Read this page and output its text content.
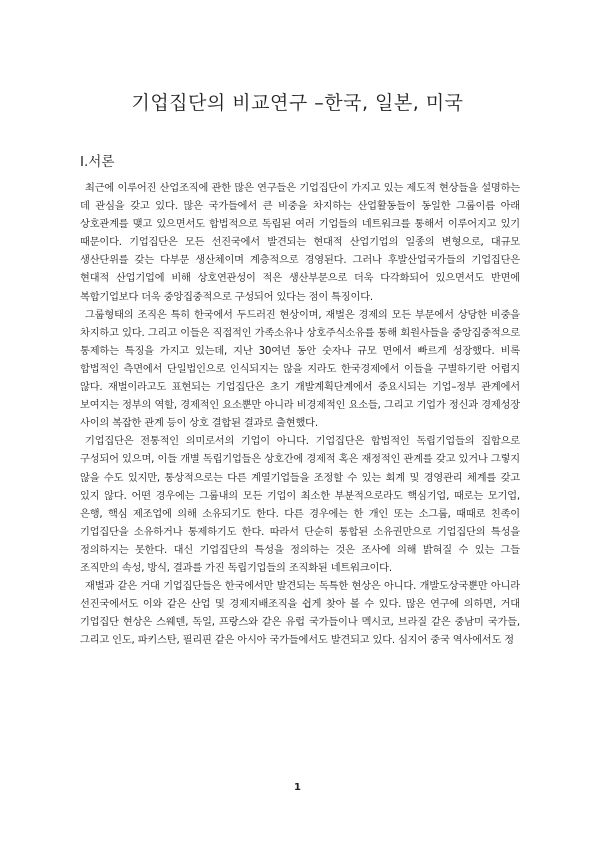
기업집단의 비교연구 –한국, 일본, 미국
Ⅰ.서론

최근에 이루어진 산업조직에 관한 많은 연구들은 기업집단이 가지고 있는 제도적 현상들을 설명하는 데 관심을 갖고 있다. 많은 국가들에서 큰 비중을 차지하는 산업활동들이 동일한 그룹이름 아래 상호관계를 맺고 있으면서도 합법적으로 독립된 여러 기업들의 네트워크를 통해서 이루어지고 있기 때문이다. 기업집단은 모든 선진국에서 발견되는 현대적 산업기업의 일종의 변형으로, 대규모 생산단위를 갖는 다부문 생산체이며 계층적으로 경영된다. 그러나 후발산업국가들의 기업집단은 현대적 산업기업에 비해 상호연관성이 적은 생산부문으로 더욱 다각화되어 있으면서도 반면에 복합기업보다 더욱 중앙집중적으로 구성되어 있다는 점이 특징이다.

그룹형태의 조직은 특히 한국에서 두드러진 현상이며, 재벌은 경제의 모든 부문에서 상당한 비중을 차지하고 있다. 그리고 이들은 직접적인 가족소유나 상호주식소유를 통해 회원사들을 중앙집중적으로 통제하는 특징을 가지고 있는데, 지난 30여년 동안 숫자나 규모 면에서 빠르게 성장했다. 비록 합법적인 측면에서 단일법인으로 인식되지는 않을 지라도 한국경제에서 이들을 구별하기란 어렵지 않다. 재벌이라고도 표현되는 기업집단은 초기 개발계획단계에서 중요시되는 기업–정부 관계에서 보여지는 정부의 역할, 경제적인 요소뿐만 아니라 비경제적인 요소들, 그리고 기업가 정신과 경제성장 사이의 복잡한 관계 등이 상호 결합된 결과로 출현했다.

기업집단은 전통적인 의미로서의 기업이 아니다. 기업집단은 합법적인 독립기업들의 집합으로 구성되어 있으며, 이들 개별 독립기업들은 상호간에 경제적 혹은 재정적인 관계를 갖고 있거나 그렇지 않을 수도 있지만, 통상적으로는 다른 계열기업들을 조정할 수 있는 회계 및 경영관리 체계를 갖고 있지 않다. 어떤 경우에는 그룹내의 모든 기업이 최소한 부분적으로라도 핵심기업, 때로는 모기업, 은행, 핵심 제조업에 의해 소유되기도 한다. 다른 경우에는 한 개인 또는 소그룹, 때때로 친족이 기업집단을 소유하거나 통제하기도 한다. 따라서 단순히 통합된 소유권만으로 기업집단의 특성을 정의하지는 못한다. 대신 기업집단의 특성을 정의하는 것은 조사에 의해 밝혀질 수 있는 그들 조직만의 속성, 방식, 결과를 가진 독립기업들의 조직화된 네트워크이다.

재벌과 같은 거대 기업집단들은 한국에서만 발견되는 독특한 현상은 아니다. 개발도상국뿐만 아니라 선진국에서도 이와 같은 산업 및 경제지배조직을 쉽게 찾아 볼 수 있다. 많은 연구에 의하면, 거대 기업집단 현상은 스웨덴, 독일, 프랑스와 같은 유럽 국가들이나 멕시코, 브라질 같은 중남미 국가들, 그리고 인도, 파키스탄, 필리핀 같은 아시아 국가들에서도 발견되고 있다. 심지어 중국 역사에서도 정

1
